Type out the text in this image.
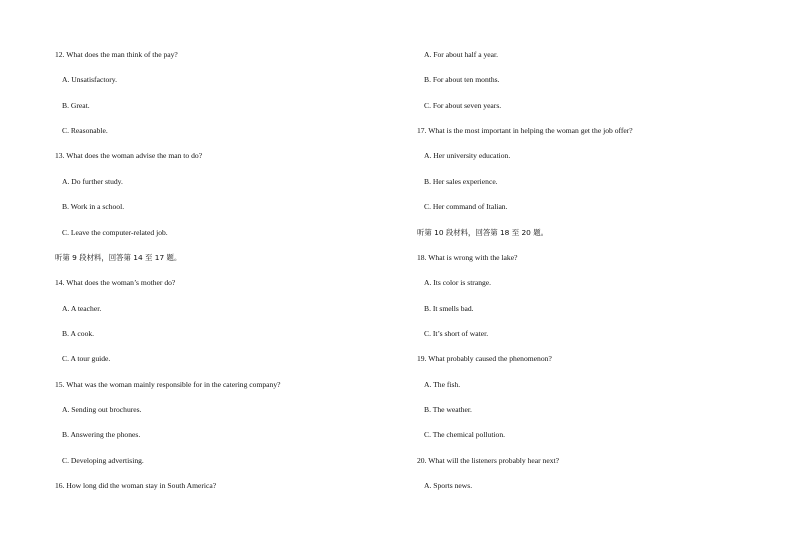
12. What does the man think of the pay?
A. Unsatisfactory.
B. Great.
C. Reasonable.
13. What does the woman advise the man to do?
A. Do further study.
B. Work in a school.
C. Leave the computer-related job.
听第 9 段材料，回答第 14 至 17 题。
14. What does the woman’s mother do?
A. A teacher.
B. A cook.
C. A tour guide.
15. What was the woman mainly responsible for in the catering company?
A. Sending out brochures.
B. Answering the phones.
C. Developing advertising.
16. How long did the woman stay in South America?
A. For about half a year.
B. For about ten months.
C. For about seven years.
17. What is the most important in helping the woman get the job offer?
A. Her university education.
B. Her sales experience.
C. Her command of Italian.
听第 10 段材料，回答第 18 至 20 题。
18. What is wrong with the lake?
A. Its color is strange.
B. It smells bad.
C. It’s short of water.
19. What probably caused the phenomenon?
A. The fish.
B. The weather.
C. The chemical pollution.
20. What will the listeners probably hear next?
A. Sports news.
